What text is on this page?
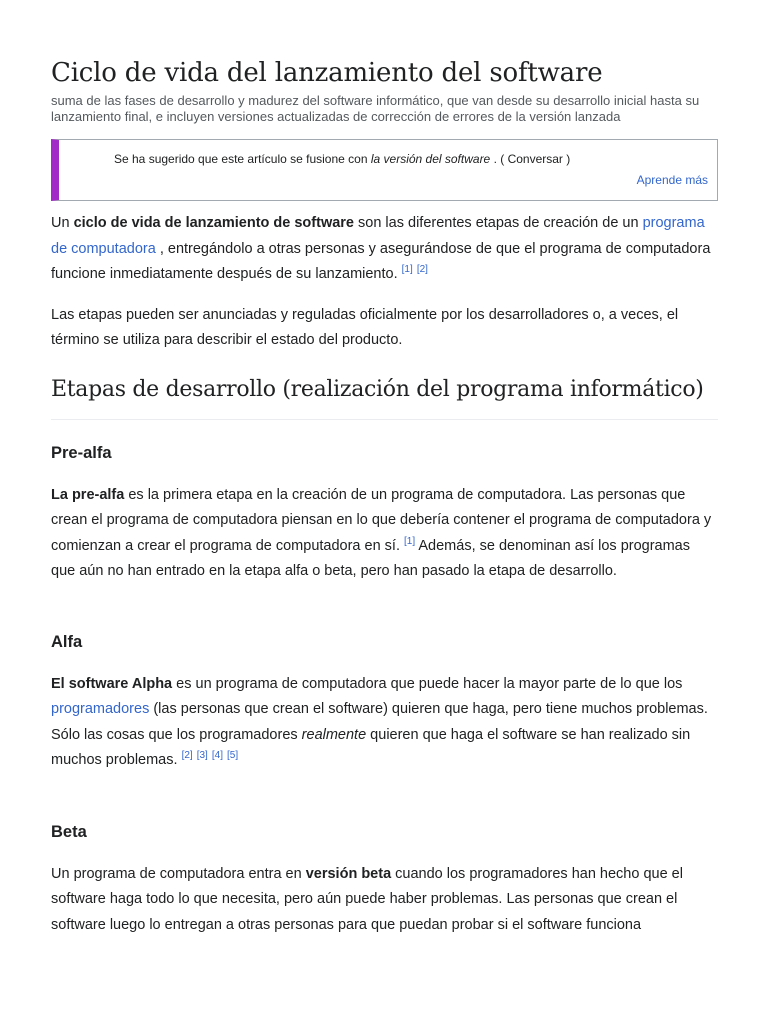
Ciclo de vida del lanzamiento del software
suma de las fases de desarrollo y madurez del software informático, que van desde su desarrollo inicial hasta su lanzamiento final, e incluyen versiones actualizadas de corrección de errores de la versión lanzada
Se ha sugerido que este artículo se fusione con la versión del software . ( Conversar )
Aprende más

Un ciclo de vida de lanzamiento de software son las diferentes etapas de creación de un programa de computadora , entregándolo a otras personas y asegurándose de que el programa de computadora funcione inmediatamente después de su lanzamiento. [1] [2]

Las etapas pueden ser anunciadas y reguladas oficialmente por los desarrolladores o, a veces, el término se utiliza para describir el estado del producto.

Etapas de desarrollo (realización del programa informático)
Pre-alfa

La pre-alfa es la primera etapa en la creación de un programa de computadora. Las personas que crean el programa de computadora piensan en lo que debería contener el programa de computadora y comienzan a crear el programa de computadora en sí. [1] Además, se denominan así los programas que aún no han entrado en la etapa alfa o beta, pero han pasado la etapa de desarrollo.

Alfa

El software Alpha es un programa de computadora que puede hacer la mayor parte de lo que los programadores (las personas que crean el software) quieren que haga, pero tiene muchos problemas. Sólo las cosas que los programadores realmente quieren que haga el software se han realizado sin muchos problemas. [2] [3] [4] [5]

Beta

Un programa de computadora entra en versión beta cuando los programadores han hecho que el software haga todo lo que necesita, pero aún puede haber problemas. Las personas que crean el software luego lo entregan a otras personas para que puedan probar si el software funciona
